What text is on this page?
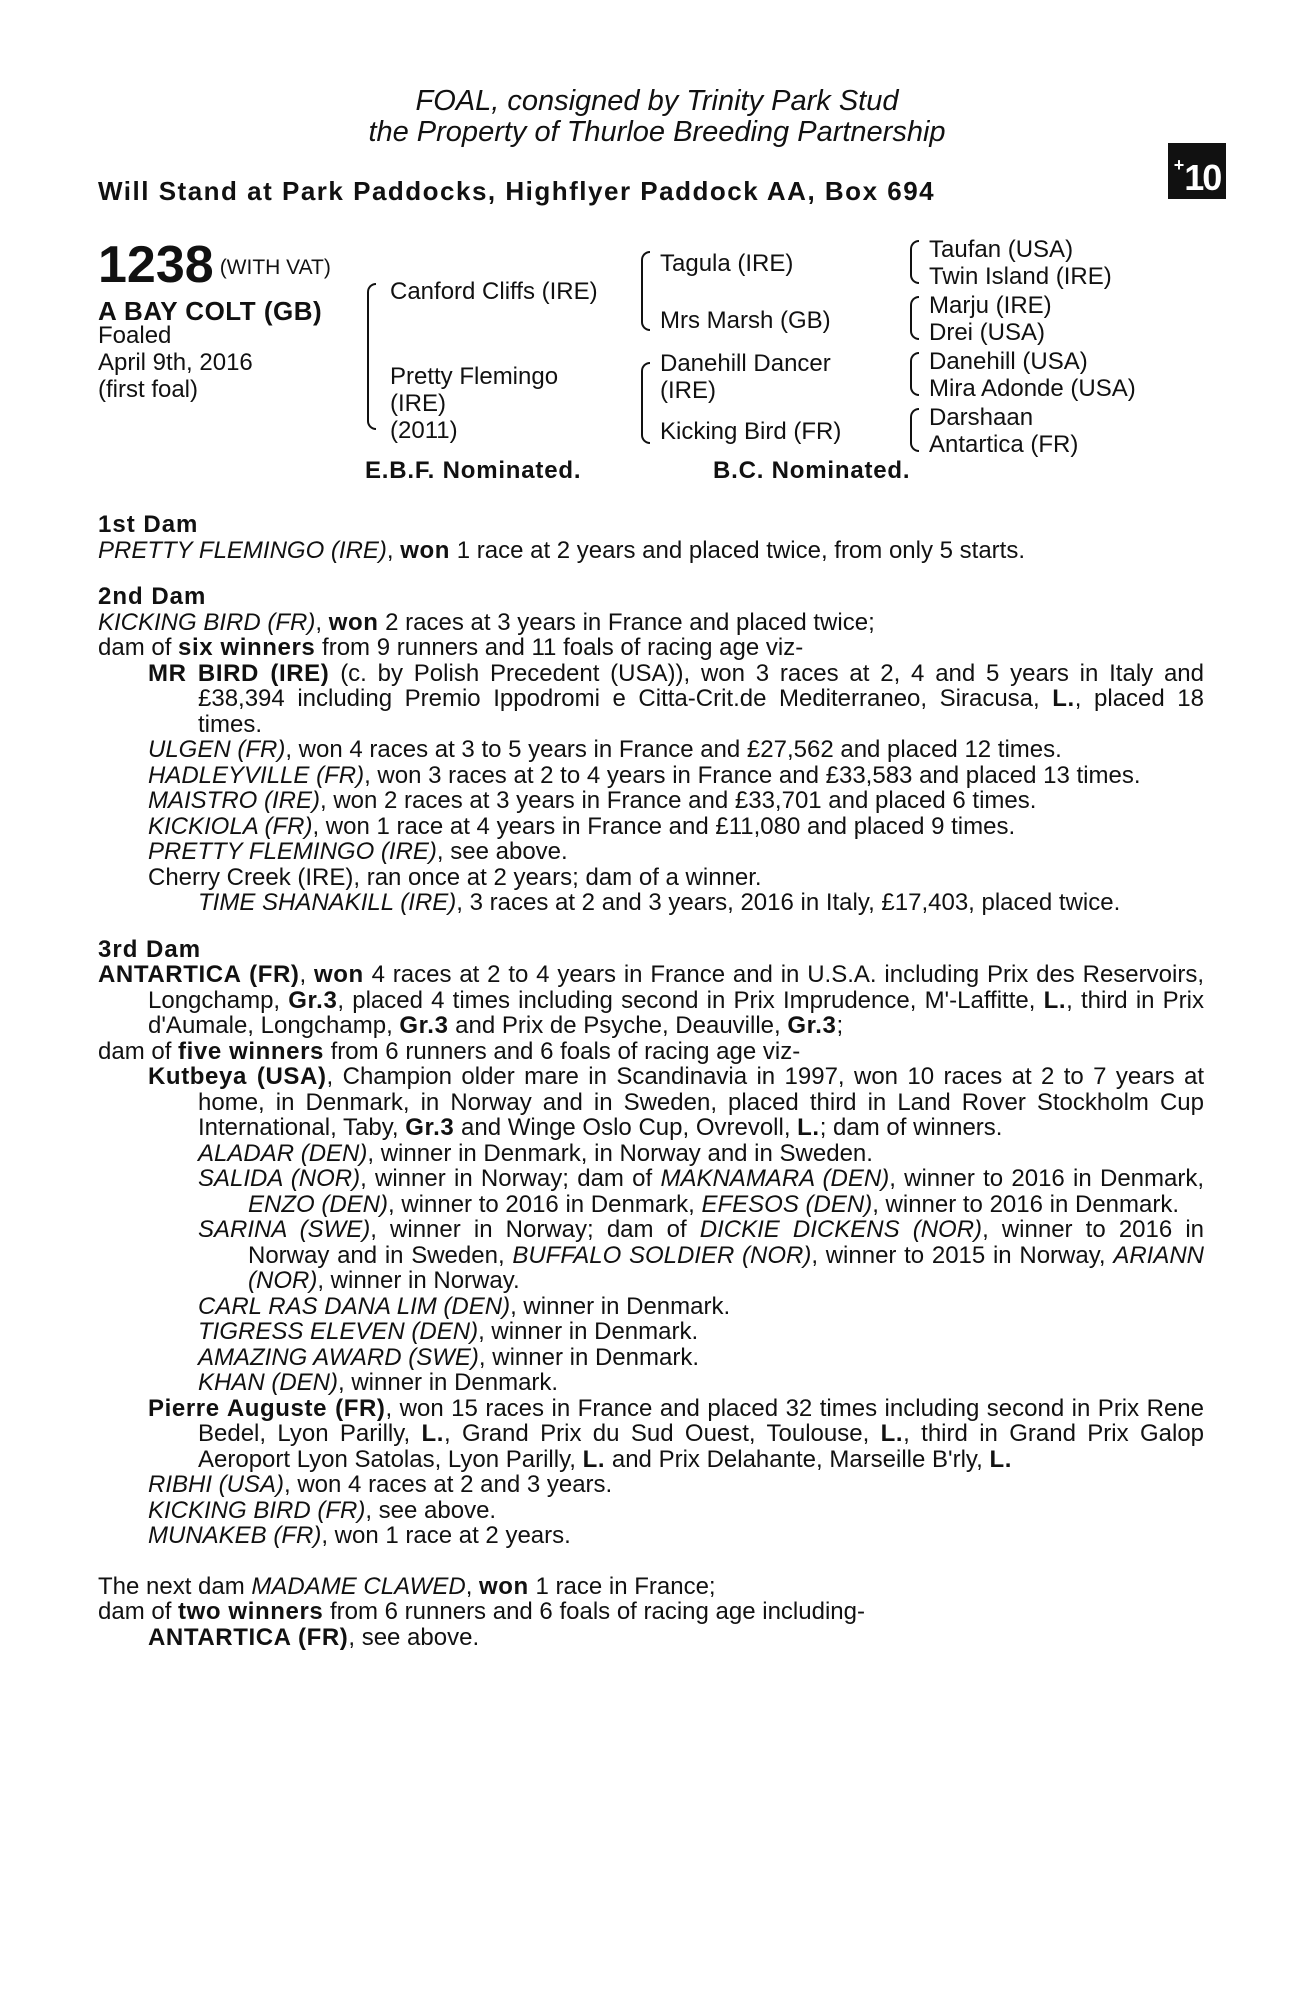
FOAL, consigned by Trinity Park Stud
the Property of Thurloe Breeding Partnership
Will Stand at Park Paddocks, Highflyer Paddock AA, Box 694
+10
1238 (WITH VAT)
A BAY COLT (GB)
Foaled
April 9th, 2016
(first foal)
Canford Cliffs (IRE)
Pretty Flemingo
(IRE)
(2011)
Tagula (IRE)
Mrs Marsh (GB)
Danehill Dancer
(IRE)
Kicking Bird (FR)
Taufan (USA)
Twin Island (IRE)
Marju (IRE)
Drei (USA)
Danehill (USA)
Mira Adonde (USA)
Darshaan
Antartica (FR)
E.B.F. Nominated.	B.C. Nominated.

1st Dam

PRETTY FLEMINGO (IRE), won 1 race at 2 years and placed twice, from only 5 starts.

2nd Dam

KICKING BIRD (FR), won 2 races at 3 years in France and placed twice;

dam of six winners from 9 runners and 11 foals of racing age viz-

MR BIRD (IRE) (c. by Polish Precedent (USA)), won 3 races at 2, 4 and 5 years in Italy and £38,394 including Premio Ippodromi e Citta-Crit.de Mediterraneo, Siracusa, L., placed 18 times.

ULGEN (FR), won 4 races at 3 to 5 years in France and £27,562 and placed 12 times.

HADLEYVILLE (FR), won 3 races at 2 to 4 years in France and £33,583 and placed 13 times.

MAISTRO (IRE), won 2 races at 3 years in France and £33,701 and placed 6 times.

KICKIOLA (FR), won 1 race at 4 years in France and £11,080 and placed 9 times.

PRETTY FLEMINGO (IRE), see above.

Cherry Creek (IRE), ran once at 2 years; dam of a winner.

TIME SHANAKILL (IRE), 3 races at 2 and 3 years, 2016 in Italy, £17,403, placed twice.

3rd Dam

ANTARTICA (FR), won 4 races at 2 to 4 years in France and in U.S.A. including Prix des Reservoirs, Longchamp, Gr.3, placed 4 times including second in Prix Imprudence, M'-Laffitte, L., third in Prix d'Aumale, Longchamp, Gr.3 and Prix de Psyche, Deauville, Gr.3;

dam of five winners from 6 runners and 6 foals of racing age viz-

Kutbeya (USA), Champion older mare in Scandinavia in 1997, won 10 races at 2 to 7 years at home, in Denmark, in Norway and in Sweden, placed third in Land Rover Stockholm Cup International, Taby, Gr.3 and Winge Oslo Cup, Ovrevoll, L.; dam of winners.

ALADAR (DEN), winner in Denmark, in Norway and in Sweden.

SALIDA (NOR), winner in Norway; dam of MAKNAMARA (DEN), winner to 2016 in Denmark, ENZO (DEN), winner to 2016 in Denmark, EFESOS (DEN), winner to 2016 in Denmark.

SARINA (SWE), winner in Norway; dam of DICKIE DICKENS (NOR), winner to 2016 in Norway and in Sweden, BUFFALO SOLDIER (NOR), winner to 2015 in Norway, ARIANN (NOR), winner in Norway.

CARL RAS DANA LIM (DEN), winner in Denmark.

TIGRESS ELEVEN (DEN), winner in Denmark.

AMAZING AWARD (SWE), winner in Denmark.

KHAN (DEN), winner in Denmark.

Pierre Auguste (FR), won 15 races in France and placed 32 times including second in Prix Rene Bedel, Lyon Parilly, L., Grand Prix du Sud Ouest, Toulouse, L., third in Grand Prix Galop Aeroport Lyon Satolas, Lyon Parilly, L. and Prix Delahante, Marseille B'rly, L.

RIBHI (USA), won 4 races at 2 and 3 years.

KICKING BIRD (FR), see above.

MUNAKEB (FR), won 1 race at 2 years.

The next dam MADAME CLAWED, won 1 race in France;

dam of two winners from 6 runners and 6 foals of racing age including-

ANTARTICA (FR), see above.
